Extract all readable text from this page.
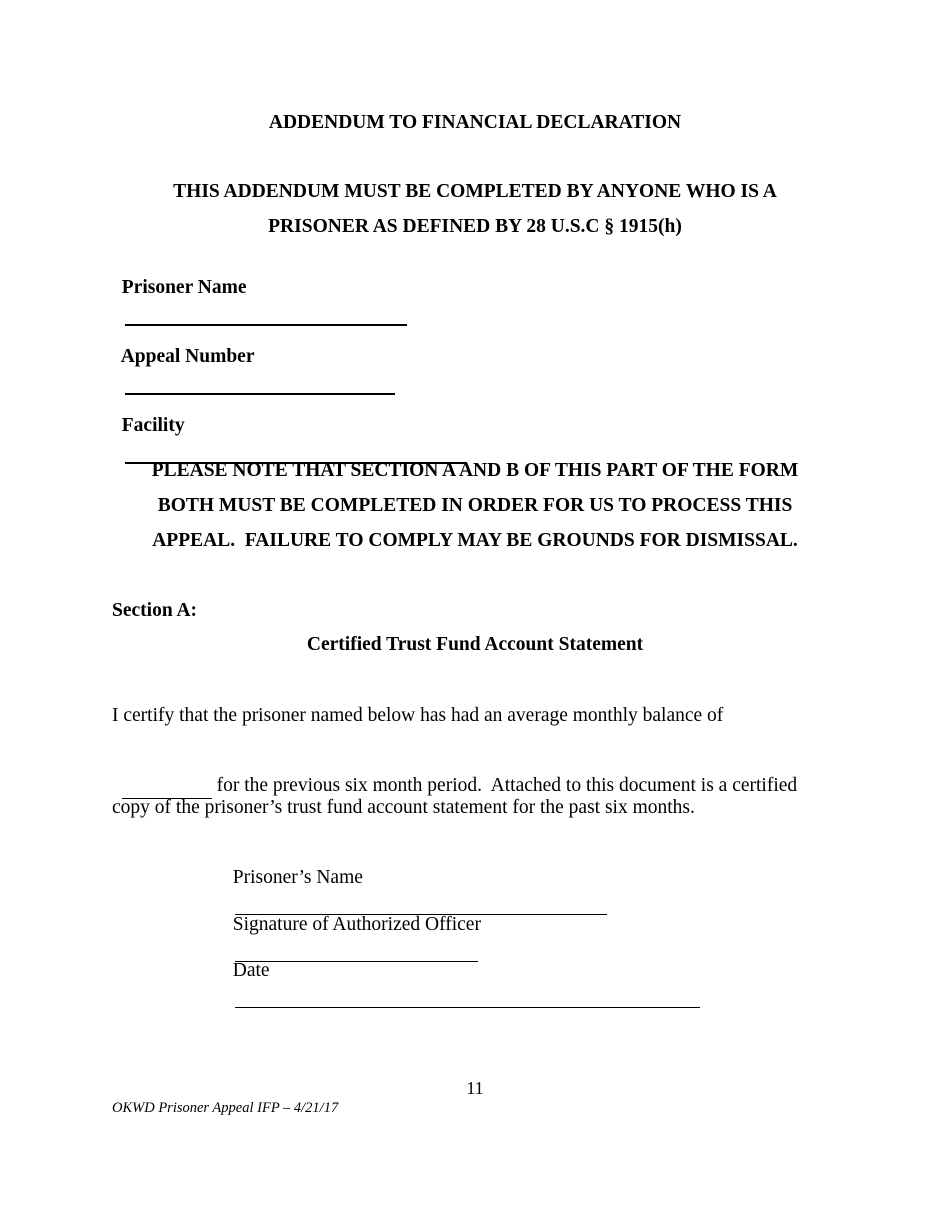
ADDENDUM TO FINANCIAL DECLARATION
THIS ADDENDUM MUST BE COMPLETED BY ANYONE WHO IS A
PRISONER AS DEFINED BY 28 U.S.C § 1915(h)

Prisoner Name

Appeal Number

Facility

PLEASE NOTE THAT SECTION A AND B OF THIS PART OF THE FORM
BOTH MUST BE COMPLETED IN ORDER FOR US TO PROCESS THIS
APPEAL.  FAILURE TO COMPLY MAY BE GROUNDS FOR DISMISSAL.
Section A:
Certified Trust Fund Account Statement
I certify that the prisoner named below has had an average monthly balance of

for the previous six month period.  Attached to this document is a certified

copy of the prisoner’s trust fund account statement for the past six months.

Prisoner’s Name

Signature of Authorized Officer

Date

11
OKWD Prisoner Appeal IFP – 4/21/17
